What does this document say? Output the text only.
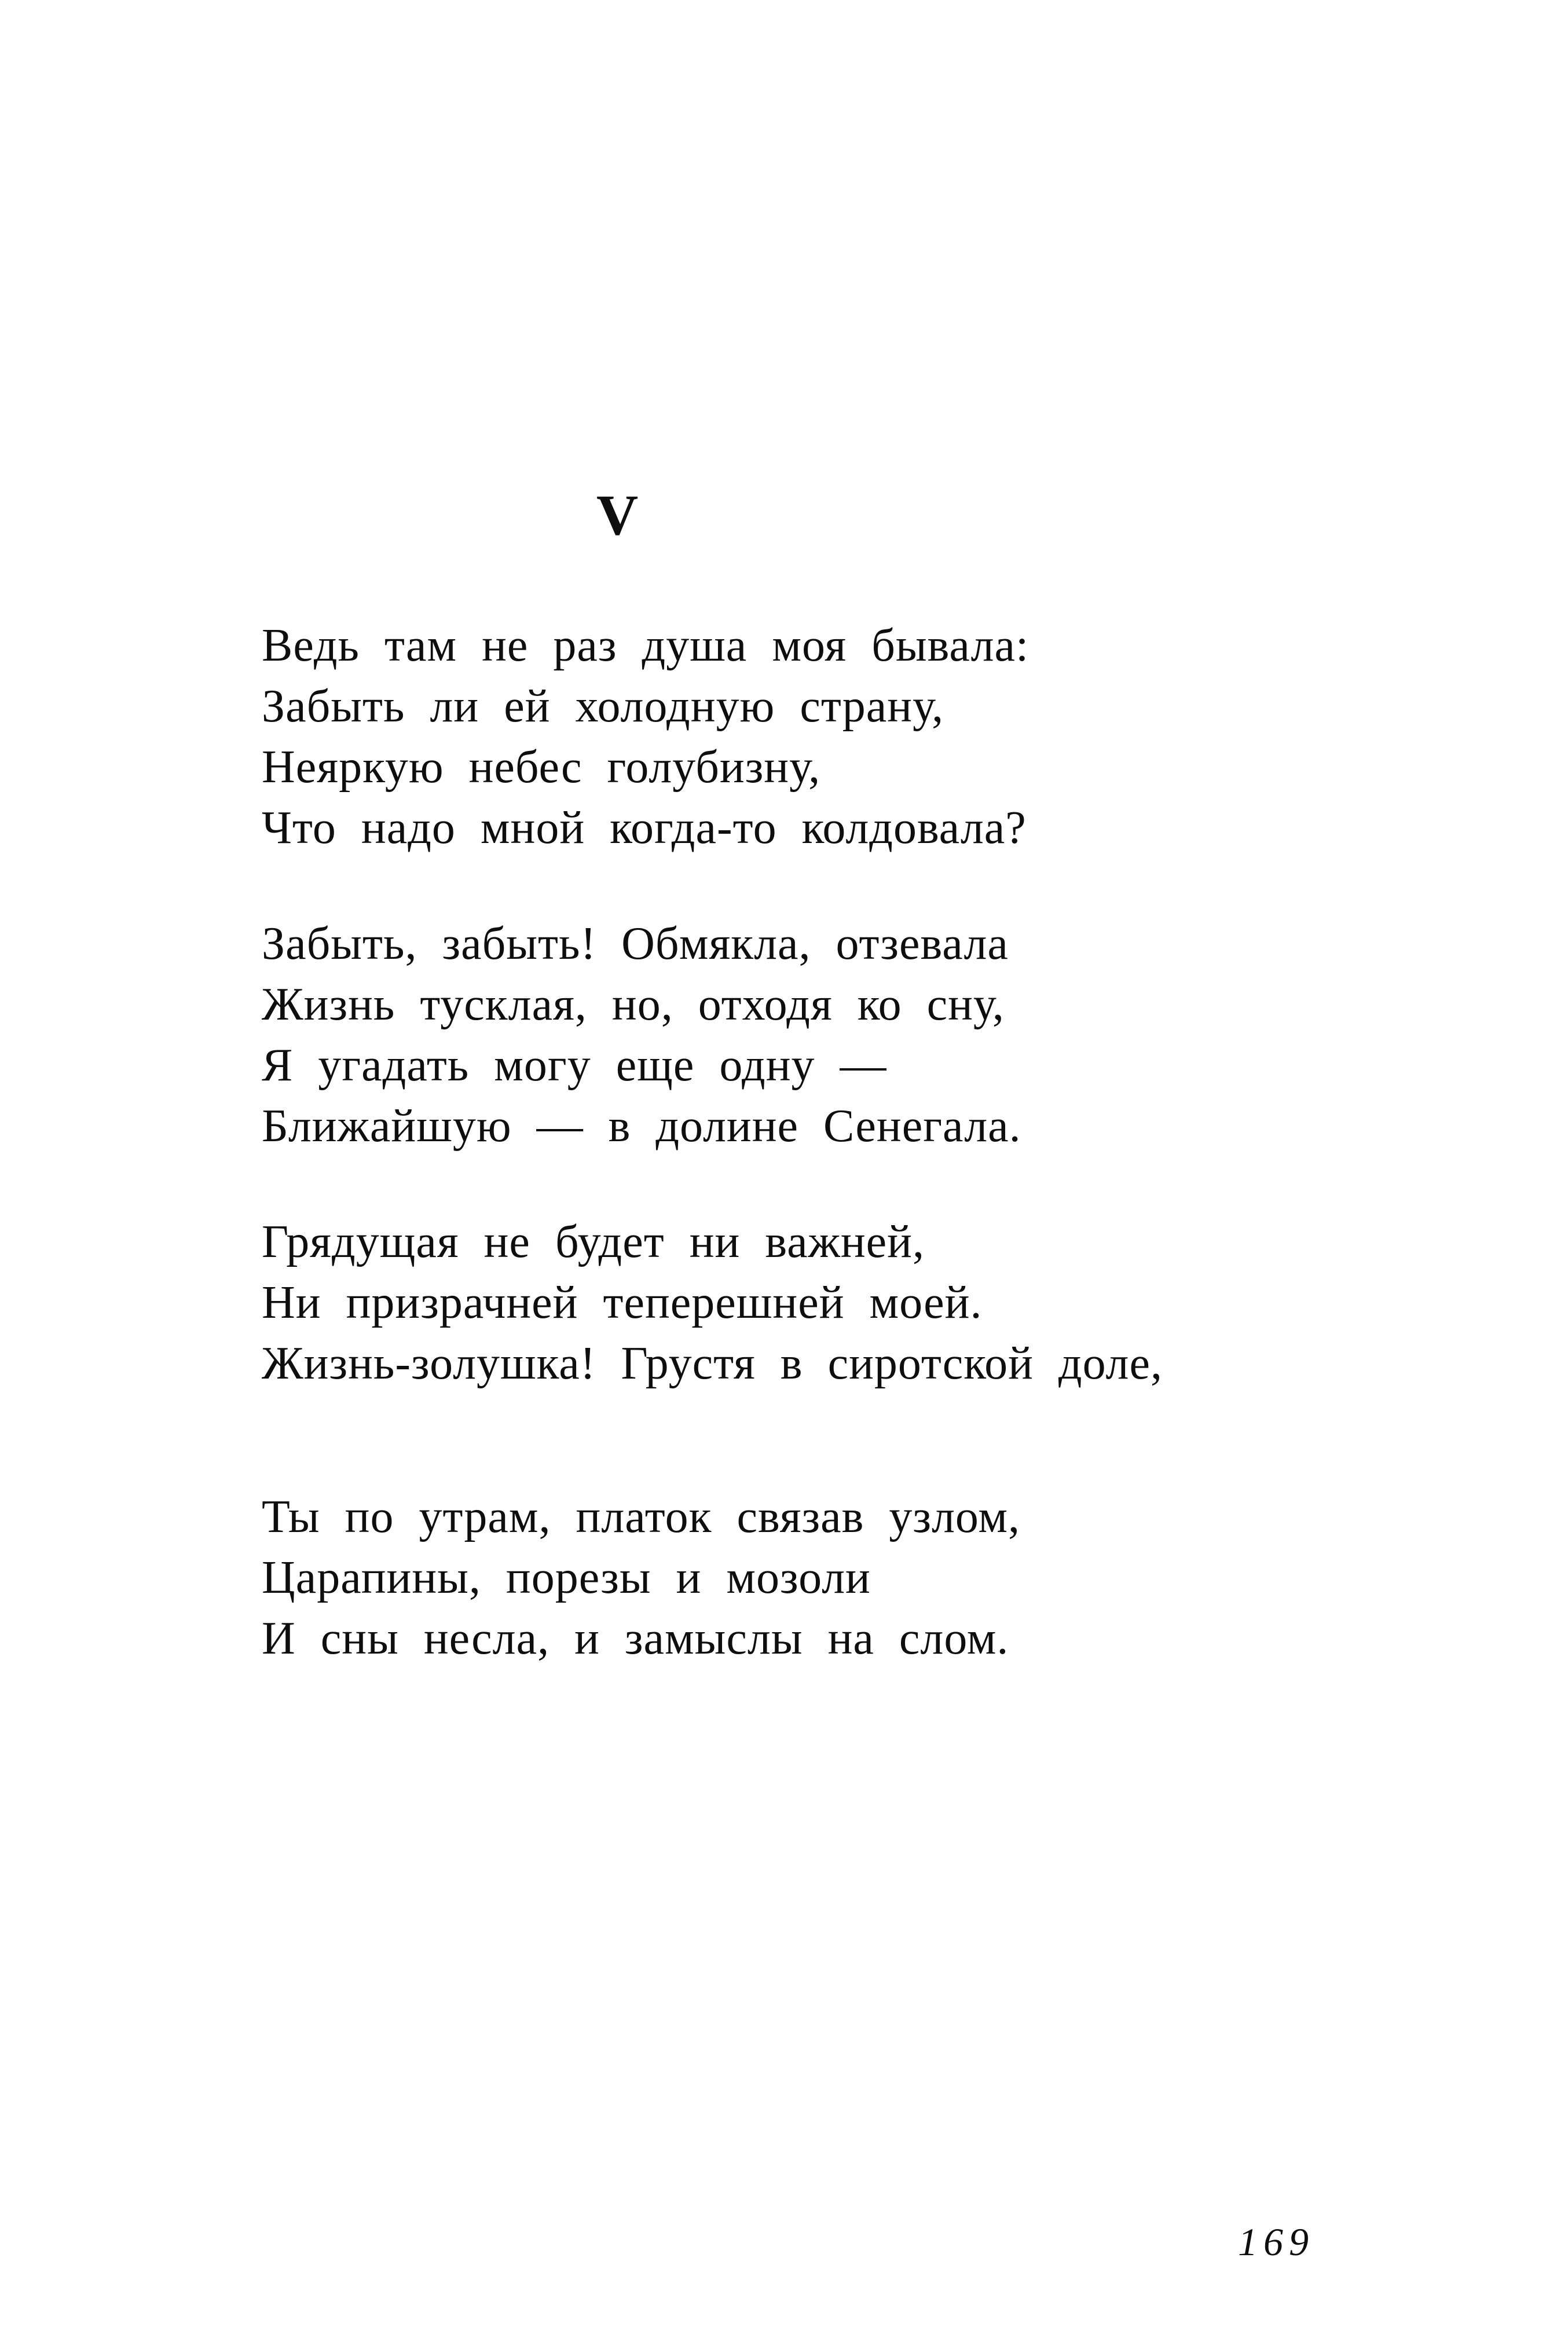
V
Ведь там не раз душа моя бывала:
Забыть ли ей холодную страну,
Неяркую небес голубизну,
Что надо мной когда-то колдовала?
Забыть, забыть! Обмякла, отзевала
Жизнь тусклая, но, отходя ко сну,
Я угадать могу еще одну —
Ближайшую — в долине Сенегала.
Грядущая не будет ни важней,
Ни призрачней теперешней моей.
Жизнь-золушка! Грустя в сиротской доле,
Ты по утрам, платок связав узлом,
Царапины, порезы и мозоли
И сны несла, и замыслы на слом.
169
